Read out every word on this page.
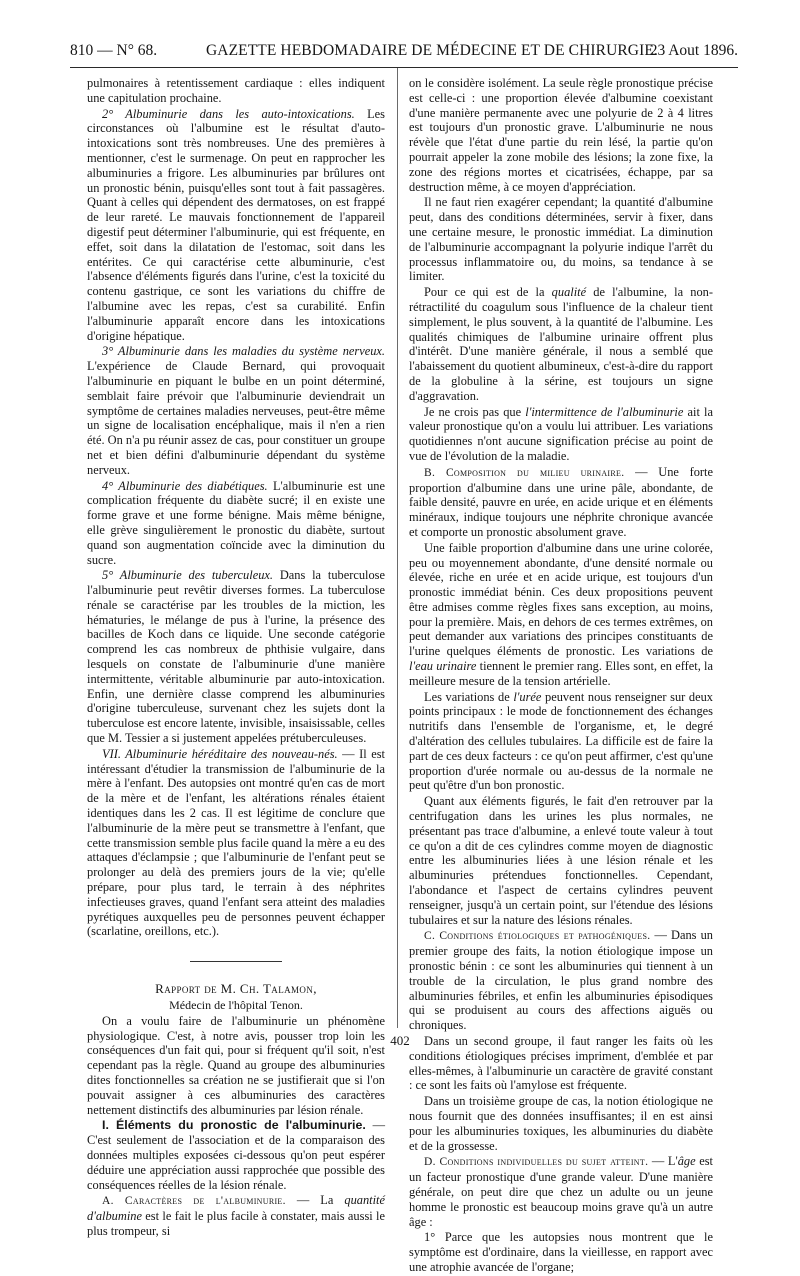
810 — N° 68.	GAZETTE HEBDOMADAIRE DE MÉDECINE ET DE CHIRURGIE.
23 Aout 1896.

pulmonaires à retentissement cardiaque : elles indiquent une capitulation prochaine.

2° Albuminurie dans les auto-intoxications. Les circonstances où l'albumine est le résultat d'auto-intoxications sont très nombreuses. Une des premières à mentionner, c'est le surmenage. On peut en rapprocher les albuminuries a frigore. Les albuminuries par brûlures ont un pronostic bénin, puisqu'elles sont tout à fait passagères. Quant à celles qui dépendent des dermatoses, on est frappé de leur rareté. Le mauvais fonctionnement de l'appareil digestif peut déterminer l'albuminurie, qui est fréquente, en effet, soit dans la dilatation de l'estomac, soit dans les entérites. Ce qui caractérise cette albuminurie, c'est l'absence d'éléments figurés dans l'urine, c'est la toxicité du contenu gastrique, ce sont les variations du chiffre de l'albumine avec les repas, c'est sa curabilité. Enfin l'albuminurie apparaît encore dans les intoxications d'origine hépatique.

3° Albuminurie dans les maladies du système nerveux. L'expérience de Claude Bernard, qui provoquait l'albuminurie en piquant le bulbe en un point déterminé, semblait faire prévoir que l'albuminurie deviendrait un symptôme de certaines maladies nerveuses, peut-être même un signe de localisation encéphalique, mais il n'en a rien été. On n'a pu réunir assez de cas, pour constituer un groupe net et bien défini d'albuminurie dépendant du système nerveux.

4° Albuminurie des diabétiques. L'albuminurie est une complication fréquente du diabète sucré; il en existe une forme grave et une forme bénigne. Mais même bénigne, elle grève singulièrement le pronostic du diabète, surtout quand son augmentation coïncide avec la diminution du sucre.

5° Albuminurie des tuberculeux. Dans la tuberculose l'albuminurie peut revêtir diverses formes. La tuberculose rénale se caractérise par les troubles de la miction, les hématuries, le mélange de pus à l'urine, la présence des bacilles de Koch dans ce liquide. Une seconde catégorie comprend les cas nombreux de phthisie vulgaire, dans lesquels on constate de l'albuminurie d'une manière intermittente, véritable albuminurie par auto-intoxication. Enfin, une dernière classe comprend les albuminuries d'origine tuberculeuse, survenant chez les sujets dont la tuberculose est encore latente, invisible, insaisissable, celles que M. Tessier a si justement appelées prétuberculeuses.

VII. Albuminurie héréditaire des nouveau-nés. — Il est intéressant d'étudier la transmission de l'albuminurie de la mère à l'enfant. Des autopsies ont montré qu'en cas de mort de la mère et de l'enfant, les altérations rénales étaient identiques dans les 2 cas. Il est légitime de conclure que l'albuminurie de la mère peut se transmettre à l'enfant, que cette transmission semble plus facile quand la mère a eu des attaques d'éclampsie ; que l'albuminurie de l'enfant peut se prolonger au delà des premiers jours de la vie; qu'elle prépare, pour plus tard, le terrain à des néphrites infectieuses graves, quand l'enfant sera atteint des maladies pyrétiques auxquelles peu de personnes peuvent échapper (scarlatine, oreillons, etc.).

Rapport de M. Ch. Talamon,

Médecin de l'hôpital Tenon.

On a voulu faire de l'albuminurie un phénomène physiologique. C'est, à notre avis, pousser trop loin les conséquences d'un fait qui, pour si fréquent qu'il soit, n'est cependant pas la règle. Quand au groupe des albuminuries dites fonctionnelles sa création ne se justifierait que si l'on pouvait assigner à ces albuminuries des caractères nettement distinctifs des albuminuries par lésion rénale.

I. Éléments du pronostic de l'albuminurie. — C'est seulement de l'association et de la comparaison des données multiples exposées ci-dessous qu'on peut espérer déduire une appréciation aussi rapprochée que possible des conséquences réelles de la lésion rénale.

A. Caractères de l'albuminurie. — La quantité d'albumine est le fait le plus facile à constater, mais aussi le plus trompeur, si

on le considère isolément. La seule règle pronostique précise est celle-ci : une proportion élevée d'albumine coexistant d'une manière permanente avec une polyurie de 2 à 4 litres est toujours d'un pronostic grave. L'albuminurie ne nous révèle que l'état d'une partie du rein lésé, la partie qu'on pourrait appeler la zone mobile des lésions; la zone fixe, la zone des régions mortes et cicatrisées, échappe, par sa destruction même, à ce moyen d'appréciation.

Il ne faut rien exagérer cependant; la quantité d'albumine peut, dans des conditions déterminées, servir à fixer, dans une certaine mesure, le pronostic immédiat. La diminution de l'albuminurie accompagnant la polyurie indique l'arrêt du processus inflammatoire ou, du moins, sa tendance à se limiter.

Pour ce qui est de la qualité de l'albumine, la non-rétractilité du coagulum sous l'influence de la chaleur tient simplement, le plus souvent, à la quantité de l'albumine. Les qualités chimiques de l'albumine urinaire offrent plus d'intérêt. D'une manière générale, il nous a semblé que l'abaissement du quotient albumineux, c'est-à-dire du rapport de la globuline à la sérine, est toujours un signe d'aggravation.

Je ne crois pas que l'intermittence de l'albuminurie ait la valeur pronostique qu'on a voulu lui attribuer. Les variations quotidiennes n'ont aucune signification précise au point de vue de l'évolution de la maladie.

B. Composition du milieu urinaire. — Une forte proportion d'albumine dans une urine pâle, abondante, de faible densité, pauvre en urée, en acide urique et en éléments minéraux, indique toujours une néphrite chronique avancée et comporte un pronostic absolument grave.

Une faible proportion d'albumine dans une urine colorée, peu ou moyennement abondante, d'une densité normale ou élevée, riche en urée et en acide urique, est toujours d'un pronostic immédiat bénin. Ces deux propositions peuvent être admises comme règles fixes sans exception, au moins, pour la première. Mais, en dehors de ces termes extrêmes, on peut demander aux variations des principes constituants de l'urine quelques éléments de pronostic. Les variations de l'eau urinaire tiennent le premier rang. Elles sont, en effet, la meilleure mesure de la tension artérielle.

Les variations de l'urée peuvent nous renseigner sur deux points principaux : le mode de fonctionnement des échanges nutritifs dans l'ensemble de l'organisme, et, le degré d'altération des cellules tubulaires. La difficile est de faire la part de ces deux facteurs : ce qu'on peut affirmer, c'est qu'une proportion d'urée normale ou au-dessus de la normale ne peut qu'être d'un bon pronostic.

Quant aux éléments figurés, le fait d'en retrouver par la centrifugation dans les urines les plus normales, ne présentant pas trace d'albumine, a enlevé toute valeur à tout ce qu'on a dit de ces cylindres comme moyen de diagnostic entre les albuminuries liées à une lésion rénale et les albuminuries prétendues fonctionnelles. Cependant, l'abondance et l'aspect de certains cylindres peuvent renseigner, jusqu'à un certain point, sur l'étendue des lésions tubulaires et sur la nature des lésions rénales.

C. Conditions étiologiques et pathogéniques. — Dans un premier groupe des faits, la notion étiologique impose un pronostic bénin : ce sont les albuminuries qui tiennent à un trouble de la circulation, le plus grand nombre des albuminuries fébriles, et enfin les albuminuries épisodiques qui se produisent au cours des affections aiguës ou chroniques.

Dans un second groupe, il faut ranger les faits où les conditions étiologiques précises impriment, d'emblée et par elles-mêmes, à l'albuminurie un caractère de gravité constant : ce sont les faits où l'amylose est fréquente.

Dans un troisième groupe de cas, la notion étiologique ne nous fournit que des données insuffisantes; il en est ainsi pour les albuminuries toxiques, les albuminuries du diabète et de la grossesse.

D. Conditions individuelles du sujet atteint. — L'âge est un facteur pronostique d'une grande valeur. D'une manière générale, on peut dire que chez un adulte ou un jeune homme le pronostic est beaucoup moins grave qu'à un autre âge :

1° Parce que les autopsies nous montrent que le symptôme est d'ordinaire, dans la vieillesse, en rapport avec une atrophie avancée de l'organe;

402
